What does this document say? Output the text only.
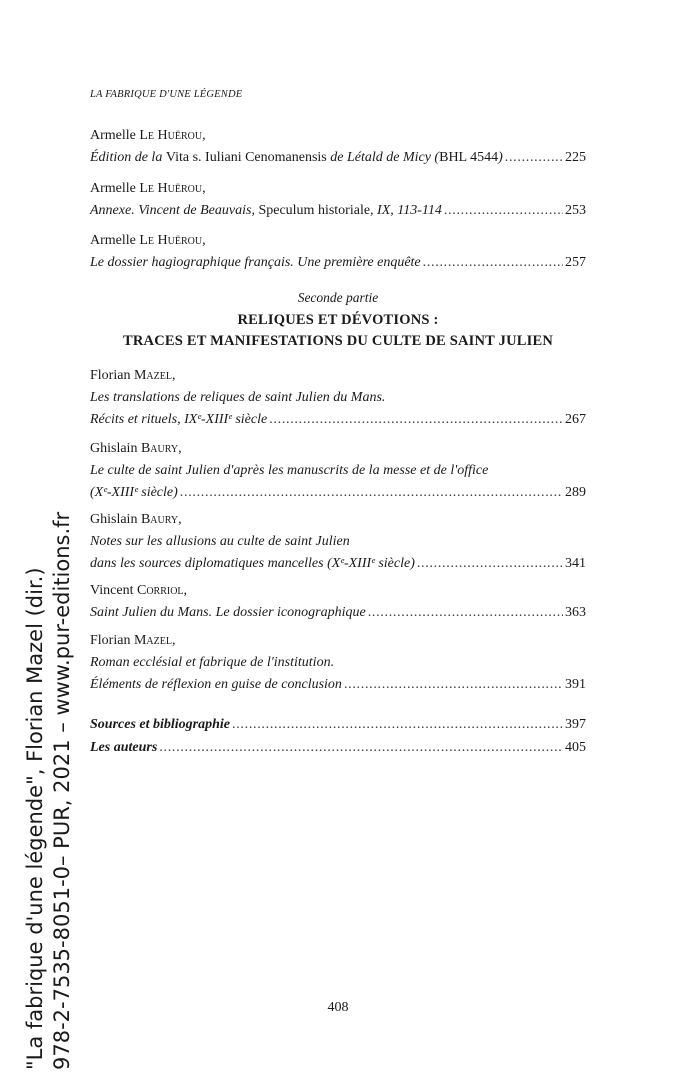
LA FABRIQUE D'UNE LÉGENDE
Armelle Le Huërou,
Édition de la Vita s. Iuliani Cenomanensis de Létald de Micy (BHL 4544) . . .	225
Armelle Le Huërou,
Annexe. Vincent de Beauvais, Speculum historiale, IX, 113-114 . . .	253
Armelle Le Huërou,
Le dossier hagiographique français. Une première enquête . . .	257
Seconde partie
RELIQUES ET DÉVOTIONS :
TRACES ET MANIFESTATIONS DU CULTE DE SAINT JULIEN
Florian Mazel,
Les translations de reliques de saint Julien du Mans.
Récits et rituels, IXᵉ-XIIIᵉ siècle . . .	267
Ghislain Baury,
Le culte de saint Julien d'après les manuscrits de la messe et de l'office
(Xᵉ-XIIIᵉ siècle) . . .	289
Ghislain Baury,
Notes sur les allusions au culte de saint Julien
dans les sources diplomatiques mancelles (Xᵉ-XIIIᵉ siècle) . . .	341
Vincent Corriol,
Saint Julien du Mans. Le dossier iconographique . . .	363
Florian Mazel,
Roman ecclésial et fabrique de l'institution.
Éléments de réflexion en guise de conclusion . . .	391
Sources et bibliographie . . .	397
Les auteurs . . .	405
"La fabrique d'une légende", Florian Mazel (dir.) 978-2-7535-8051-0– PUR, 2021 – www.pur-editions.fr	408
